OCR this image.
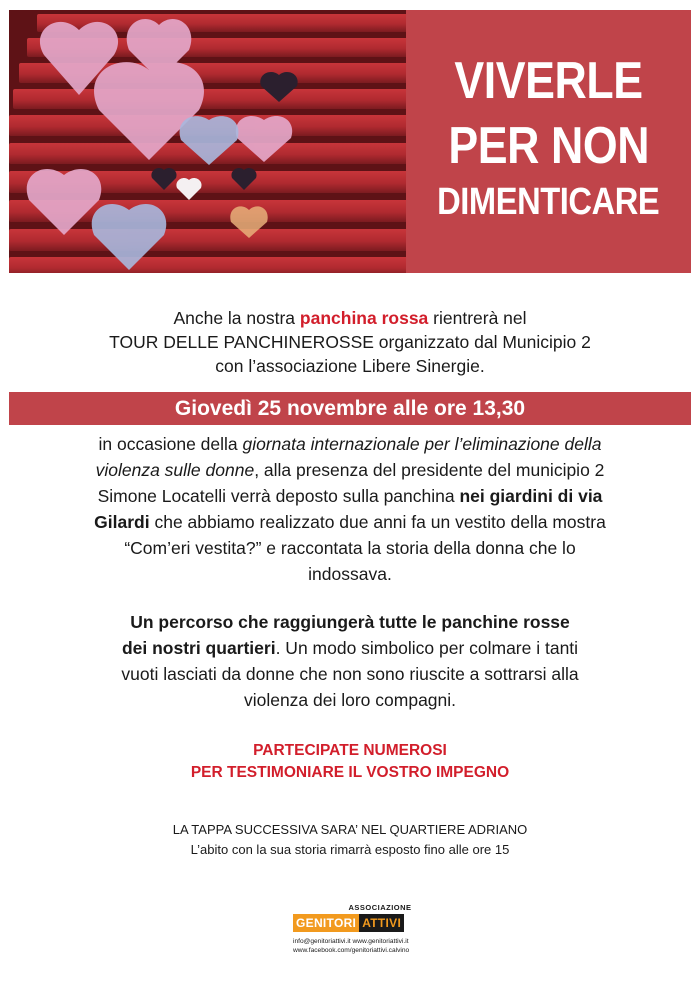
VIVERLE
PER NON
DIMENTICARE
Anche la nostra panchina rossa rientrerà nel
TOUR DELLE PANCHINEROSSE organizzato dal Municipio 2
con l’associazione Libere Sinergie.
Giovedì 25 novembre alle ore 13,30
in occasione della giornata internazionale per l’eliminazione della
violenza sulle donne, alla presenza del presidente del municipio 2
Simone Locatelli verrà deposto sulla panchina nei giardini di via
Gilardi che abbiamo realizzato due anni fa un vestito della mostra
“Com’eri vestita?” e raccontata la storia della donna che lo
indossava.
Un percorso che raggiungerà tutte le panchine rosse
dei nostri quartieri. Un modo simbolico per colmare i tanti
vuoti lasciati da donne che non sono riuscite a sottrarsi alla
violenza dei loro compagni.
PARTECIPATE NUMEROSI
PER TESTIMONIARE IL VOSTRO IMPEGNO
LA TAPPA SUCCESSIVA SARA’ NEL QUARTIERE ADRIANO
L’abito con la sua storia rimarrà esposto fino alle ore 15
ASSOCIAZIONE
GENITORI ATTIVI
info@genitoriattivi.it www.genitoriattivi.it
www.facebook.com/genitoriattivi.calvino
